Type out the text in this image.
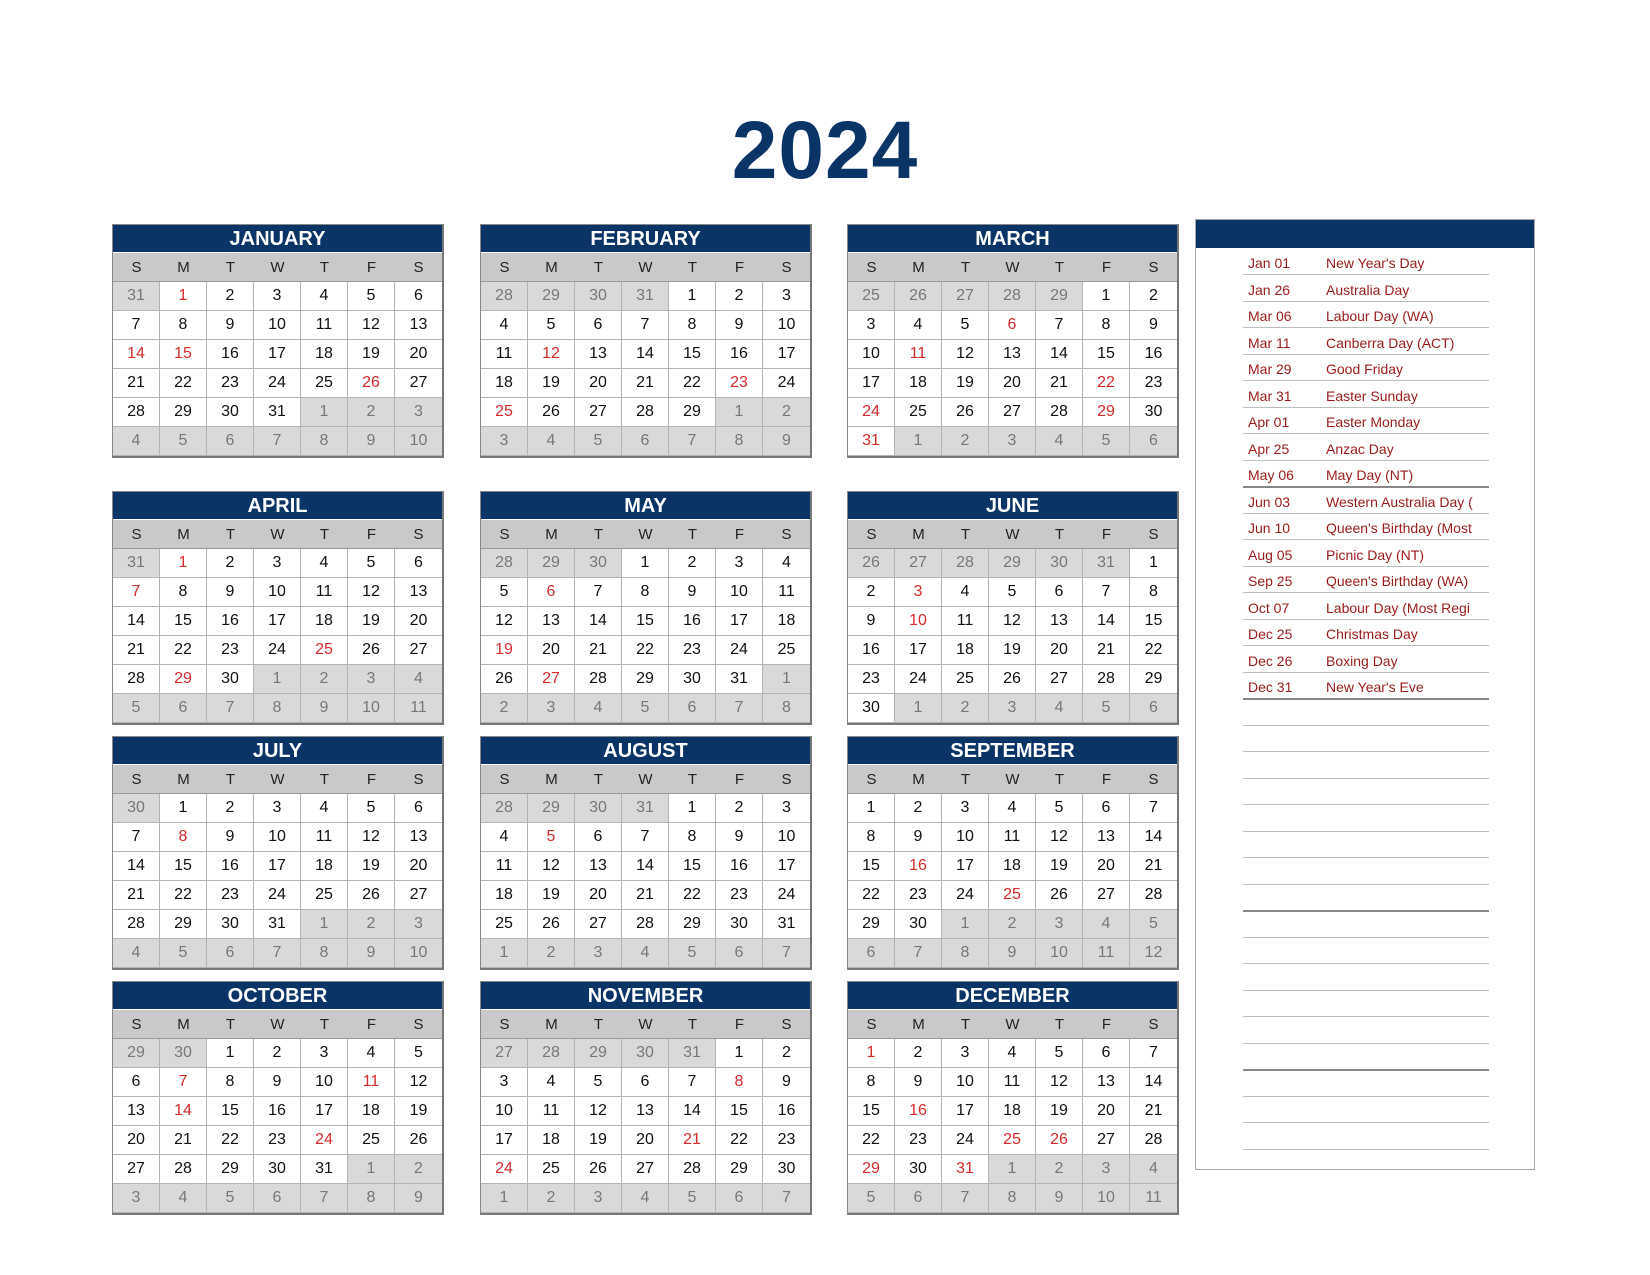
2024
JANUARY
S	M	T	W	T	F	S
31	1	2	3	4	5	6
7	8	9	10	11	12	13
14	15	16	17	18	19	20
21	22	23	24	25	26	27
28	29	30	31	1	2	3
4	5	6	7	8	9	10
FEBRUARY
S	M	T	W	T	F	S
28	29	30	31	1	2	3
4	5	6	7	8	9	10
11	12	13	14	15	16	17
18	19	20	21	22	23	24
25	26	27	28	29	1	2
3	4	5	6	7	8	9
MARCH
S	M	T	W	T	F	S
25	26	27	28	29	1	2
3	4	5	6	7	8	9
10	11	12	13	14	15	16
17	18	19	20	21	22	23
24	25	26	27	28	29	30
31	1	2	3	4	5	6
APRIL
S	M	T	W	T	F	S
31	1	2	3	4	5	6
7	8	9	10	11	12	13
14	15	16	17	18	19	20
21	22	23	24	25	26	27
28	29	30	1	2	3	4
5	6	7	8	9	10	11
MAY
S	M	T	W	T	F	S
28	29	30	1	2	3	4
5	6	7	8	9	10	11
12	13	14	15	16	17	18
19	20	21	22	23	24	25
26	27	28	29	30	31	1
2	3	4	5	6	7	8
JUNE
S	M	T	W	T	F	S
26	27	28	29	30	31	1
2	3	4	5	6	7	8
9	10	11	12	13	14	15
16	17	18	19	20	21	22
23	24	25	26	27	28	29
30	1	2	3	4	5	6
JULY
S	M	T	W	T	F	S
30	1	2	3	4	5	6
7	8	9	10	11	12	13
14	15	16	17	18	19	20
21	22	23	24	25	26	27
28	29	30	31	1	2	3
4	5	6	7	8	9	10
AUGUST
S	M	T	W	T	F	S
28	29	30	31	1	2	3
4	5	6	7	8	9	10
11	12	13	14	15	16	17
18	19	20	21	22	23	24
25	26	27	28	29	30	31
1	2	3	4	5	6	7
SEPTEMBER
S	M	T	W	T	F	S
1	2	3	4	5	6	7
8	9	10	11	12	13	14
15	16	17	18	19	20	21
22	23	24	25	26	27	28
29	30	1	2	3	4	5
6	7	8	9	10	11	12
OCTOBER
S	M	T	W	T	F	S
29	30	1	2	3	4	5
6	7	8	9	10	11	12
13	14	15	16	17	18	19
20	21	22	23	24	25	26
27	28	29	30	31	1	2
3	4	5	6	7	8	9
NOVEMBER
S	M	T	W	T	F	S
27	28	29	30	31	1	2
3	4	5	6	7	8	9
10	11	12	13	14	15	16
17	18	19	20	21	22	23
24	25	26	27	28	29	30
1	2	3	4	5	6	7
DECEMBER
S	M	T	W	T	F	S
1	2	3	4	5	6	7
8	9	10	11	12	13	14
15	16	17	18	19	20	21
22	23	24	25	26	27	28
29	30	31	1	2	3	4
5	6	7	8	9	10	11
Jan 01	New Year's Day
Jan 26	Australia Day
Mar 06 Labour Day (WA)
Mar 11	Canberra Day (ACT)
Mar 29 Good Friday
Mar 31 Easter Sunday
Apr 01	Easter Monday
Apr 25	Anzac Day
May 06 May Day (NT)
Jun 03	Western Australia Day (
Jun 10	Queen's Birthday (Most
Aug 05 Picnic Day (NT)
Sep 25 Queen's Birthday (WA)
Oct 07	Labour Day (Most Regi
Dec 25 Christmas Day
Dec 26 Boxing Day
Dec 31 New Year's Eve
